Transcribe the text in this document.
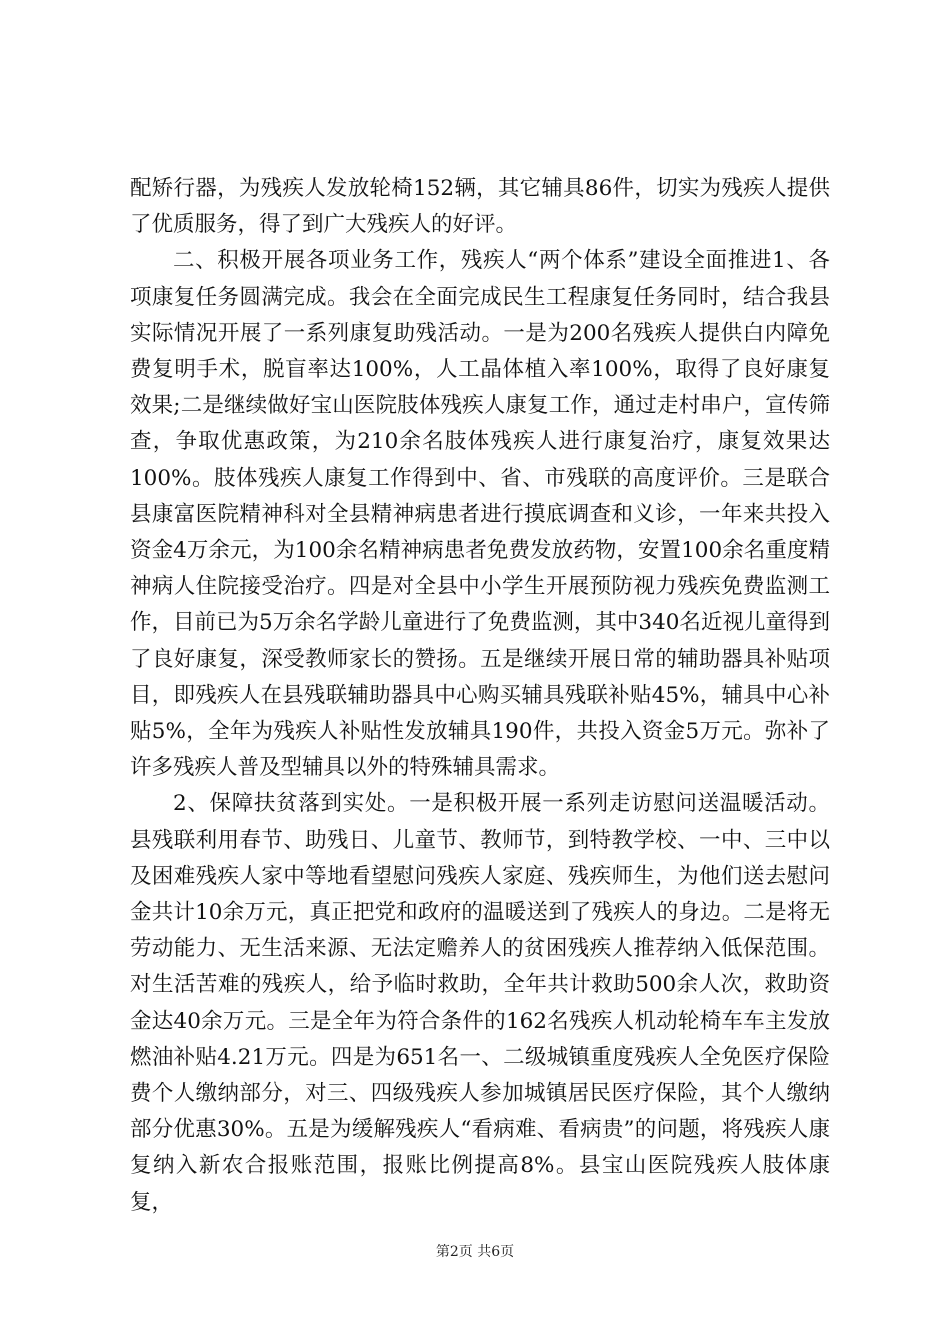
配矫行器，为残疾人发放轮椅152辆，其它辅具86件，切实为残疾人提供了优质服务，得了到广大残疾人的好评。

二、积极开展各项业务工作，残疾人“两个体系”建设全面推进1、各项康复任务圆满完成。我会在全面完成民生工程康复任务同时，结合我县实际情况开展了一系列康复助残活动。一是为200名残疾人提供白内障免费复明手术，脱盲率达100%，人工晶体植入率100%，取得了良好康复效果;二是继续做好宝山医院肢体残疾人康复工作，通过走村串户，宣传筛查，争取优惠政策，为210余名肢体残疾人进行康复治疗，康复效果达100%。肢体残疾人康复工作得到中、省、市残联的高度评价。三是联合县康富医院精神科对全县精神病患者进行摸底调查和义诊，一年来共投入资金4万余元，为100余名精神病患者免费发放药物，安置100余名重度精神病人住院接受治疗。四是对全县中小学生开展预防视力残疾免费监测工作，目前已为5万余名学龄儿童进行了免费监测，其中340名近视儿童得到了良好康复，深受教师家长的赞扬。五是继续开展日常的辅助器具补贴项目，即残疾人在县残联辅助器具中心购买辅具残联补贴45%，辅具中心补贴5%，全年为残疾人补贴性发放辅具190件，共投入资金5万元。弥补了许多残疾人普及型辅具以外的特殊辅具需求。

2、保障扶贫落到实处。一是积极开展一系列走访慰问送温暖活动。县残联利用春节、助残日、儿童节、教师节，到特教学校、一中、三中以及困难残疾人家中等地看望慰问残疾人家庭、残疾师生，为他们送去慰问金共计10余万元，真正把党和政府的温暖送到了残疾人的身边。二是将无劳动能力、无生活来源、无法定赡养人的贫困残疾人推荐纳入低保范围。对生活苦难的残疾人，给予临时救助，全年共计救助500余人次，救助资金达40余万元。三是全年为符合条件的162名残疾人机动轮椅车车主发放燃油补贴4.21万元。四是为651名一、二级城镇重度残疾人全免医疗保险费个人缴纳部分，对三、四级残疾人参加城镇居民医疗保险，其个人缴纳部分优惠30%。五是为缓解残疾人“看病难、看病贵”的问题，将残疾人康复纳入新农合报账范围，报账比例提高8%。县宝山医院残疾人肢体康复，

第2页 共6页
